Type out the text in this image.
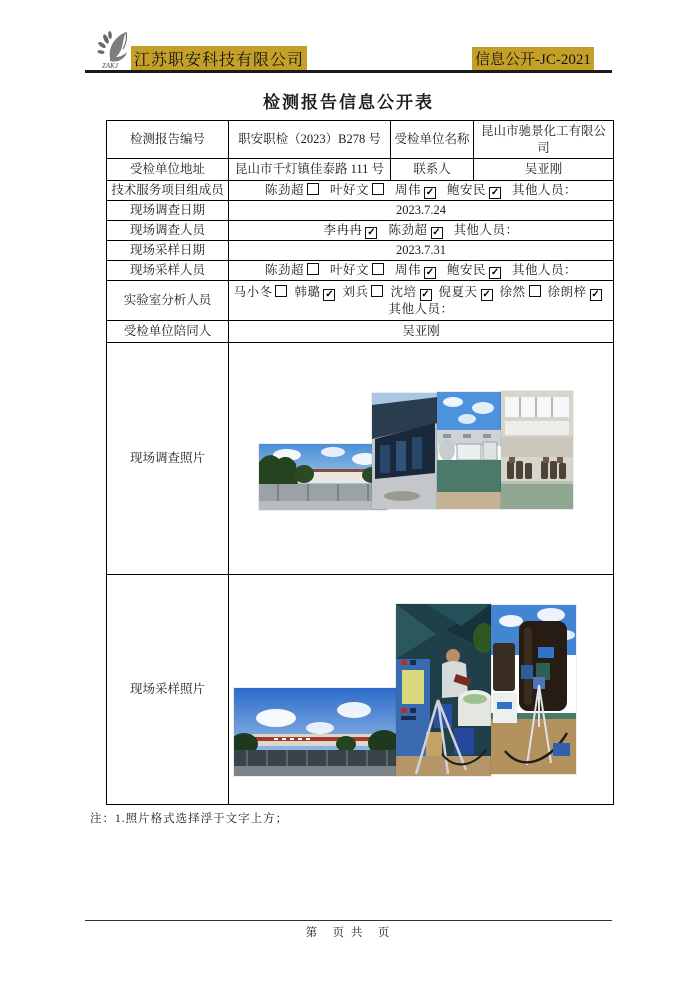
ZAKJ 江苏职安科技有限公司	信息公开-JC-2021
检测报告信息公开表
检测报告编号	职安职检（2023）B278 号	受检单位名称	昆山市驰景化工有限公司
受检单位地址	昆山市千灯镇佳泰路 111 号	联系人	吴亚刚
技术服务项目组成员	陈劲超 叶好文 周伟 ✓ 鲍安民 ✓ 其他人员：		
现场调查日期	2023.7.24		
现场调查人员	李冉冉 ✓ 陈劲超 ✓ 其他人员：		
现场采样日期	2023.7.31		
现场采样人员	陈劲超 叶好文 周伟 ✓ 鲍安民 ✓ 其他人员：		
实验室分析人员	马小冬 韩璐 ✓ 刘兵 沈培 ✓ 倪夏天 ✓ 徐然 徐朗梓 ✓
其他人员：		

受检单位陪同人	吴亚刚		
现场调查照片	

现场采样照片	
注：1.照片格式选择浮于文字上方；
第　页 共　页
